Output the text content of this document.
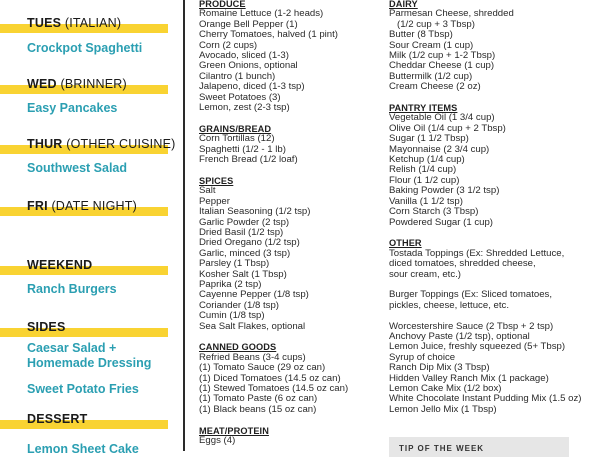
TUES (ITALIAN)
Crockpot Spaghetti
WED (BRINNER)
Easy Pancakes
THUR (OTHER CUISINE)
Southwest Salad
FRI (DATE NIGHT)
WEEKEND
Ranch Burgers
SIDES
Caesar Salad +
Homemade Dressing
Sweet Potato Fries
DESSERT
Lemon Sheet Cake
PRODUCE
Romaine Lettuce (1-2 heads)
Orange Bell Pepper (1)
Cherry Tomatoes, halved (1 pint)
Corn (2 cups)
Avocado, sliced (1-3)
Green Onions, optional
Cilantro (1 bunch)
Jalapeno, diced (1-3 tsp)
Sweet Potatoes (3)
Lemon, zest (2-3 tsp)
GRAINS/BREAD
Corn Tortillas (12)
Spaghetti (1/2 - 1 lb)
French Bread (1/2 loaf)
SPICES
Salt
Pepper
Italian Seasoning (1/2 tsp)
Garlic Powder (2 tsp)
Dried Basil (1/2 tsp)
Dried Oregano (1/2 tsp)
Garlic, minced (3 tsp)
Parsley (1 Tbsp)
Kosher Salt (1 Tbsp)
Paprika (2 tsp)
Cayenne Pepper (1/8 tsp)
Coriander (1/8 tsp)
Cumin (1/8 tsp)
Sea Salt Flakes, optional
CANNED GOODS
Refried Beans (3-4 cups)
(1) Tomato Sauce (29 oz can)
(1) Diced Tomatoes (14.5 oz can)
(1) Stewed Tomatoes (14.5 oz can)
(1) Tomato Paste (6 oz can)
(1) Black beans (15 oz can)
MEAT/PROTEIN
Eggs (4)
DAIRY
Parmesan Cheese, shredded
(1/2 cup + 3 Tbsp)
Butter (8 Tbsp)
Sour Cream (1 cup)
Milk (1/2 cup + 1-2 Tbsp)
Cheddar Cheese (1 cup)
Buttermilk (1/2 cup)
Cream Cheese (2 oz)
PANTRY ITEMS
Vegetable Oil (1 3/4 cup)
Olive Oil (1/4 cup + 2 Tbsp)
Sugar (1 1/2 Tbsp)
Mayonnaise (2 3/4 cup)
Ketchup (1/4 cup)
Relish (1/4 cup)
Flour (1 1/2 cup)
Baking Powder (3 1/2 tsp)
Vanilla (1 1/2 tsp)
Corn Starch (3 Tbsp)
Powdered Sugar (1 cup)
OTHER
Tostada Toppings (Ex: Shredded Lettuce,
diced tomatoes, shredded cheese,
sour cream, etc.)
Burger Toppings (Ex: Sliced tomatoes,
pickles, cheese, lettuce, etc.
Worcestershire Sauce (2 Tbsp + 2 tsp)
Anchovy Paste (1/2 tsp), optional
Lemon Juice, freshly squeezed (5+ Tbsp)
Syrup of choice
Ranch Dip Mix (3 Tbsp)
Hidden Valley Ranch Mix (1 package)
Lemon Cake Mix (1/2 box)
White Chocolate Instant Pudding Mix (1.5 oz)
Lemon Jello Mix (1 Tbsp)
TIP OF THE WEEK
